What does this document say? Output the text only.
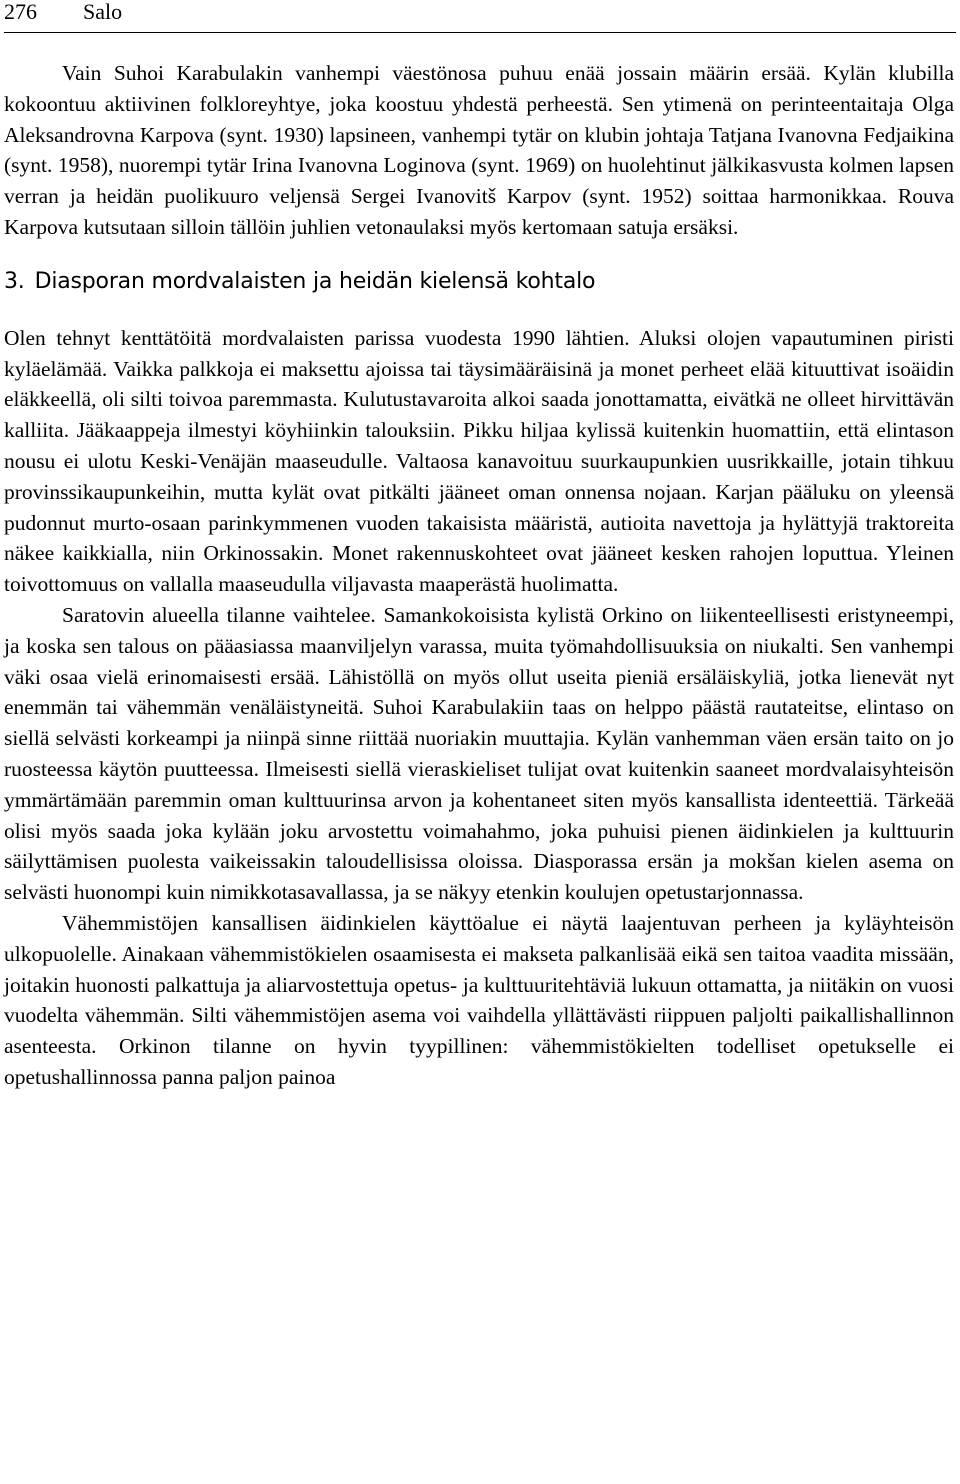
276 Salo

Vain Suhoi Karabulakin vanhempi väestönosa puhuu enää jossain määrin ersää. Kylän klubilla kokoontuu aktiivinen folkloreyhtye, joka koostuu yhdestä perheestä. Sen ytimenä on perinteentaitaja Olga Aleksandrovna Karpova (synt. 1930) lapsineen, vanhempi tytär on klubin johtaja Tatjana Ivanovna Fedjaikina (synt. 1958), nuorempi tytär Irina Ivanovna Loginova (synt. 1969) on huolehtinut jälkikasvusta kolmen lapsen verran ja heidän puolikuuro veljensä Sergei Ivanovitš Karpov (synt. 1952) soittaa harmonikkaa. Rouva Karpova kutsutaan silloin tällöin juhlien vetonaulaksi myös kertomaan satuja ersäksi.

3. Diasporan mordvalaisten ja heidän kielensä kohtalo

Olen tehnyt kenttätöitä mordvalaisten parissa vuodesta 1990 lähtien. Aluksi olojen vapautuminen piristi kyläelämää. Vaikka palkkoja ei maksettu ajoissa tai täysimääräisinä ja monet perheet elää kituuttivat isoäidin eläkkeellä, oli silti toivoa paremmasta. Kulutustavaroita alkoi saada jonottamatta, eivätkä ne olleet hirvittävän kalliita. Jääkaappeja ilmestyi köyhiinkin talouksiin. Pikku hiljaa kylissä kuitenkin huomattiin, että elintason nousu ei ulotu Keski-Venäjän maaseudulle. Valtaosa kanavoituu suurkaupunkien uusrikkaille, jotain tihkuu provinssikaupunkeihin, mutta kylät ovat pitkälti jääneet oman onnensa nojaan. Karjan pääluku on yleensä pudonnut murto-osaan parinkymmenen vuoden takaisista määristä, autioita navettoja ja hylättyjä traktoreita näkee kaikkialla, niin Orkinossakin. Monet rakennuskohteet ovat jääneet kesken rahojen loputtua. Yleinen toivottomuus on vallalla maaseudulla viljavasta maaperästä huolimatta.

Saratovin alueella tilanne vaihtelee. Samankokoisista kylistä Orkino on liikenteellisesti eristyneempi, ja koska sen talous on pääasiassa maanviljelyn varassa, muita työmahdollisuuksia on niukalti. Sen vanhempi väki osaa vielä erinomaisesti ersää. Lähistöllä on myös ollut useita pieniä ersäläiskyliä, jotka lienevät nyt enemmän tai vähemmän venäläistyneitä. Suhoi Karabulakiin taas on helppo päästä rautateitse, elintaso on siellä selvästi korkeampi ja niinpä sinne riittää nuoriakin muuttajia. Kylän vanhemman väen ersän taito on jo ruosteessa käytön puutteessa. Ilmeisesti siellä vieraskieliset tulijat ovat kuitenkin saaneet mordvalaisyhteisön ymmärtämään paremmin oman kulttuurinsa arvon ja kohentaneet siten myös kansallista identeettiä. Tärkeää olisi myös saada joka kylään joku arvostettu voimahahmo, joka puhuisi pienen äidinkielen ja kulttuurin säilyttämisen puolesta vaikeissakin taloudellisissa oloissa. Diasporassa ersän ja mokšan kielen asema on selvästi huonompi kuin nimikkotasavallassa, ja se näkyy etenkin koulujen opetustarjonnassa.

Vähemmistöjen kansallisen äidinkielen käyttöalue ei näytä laajentuvan perheen ja kyläyhteisön ulkopuolelle. Ainakaan vähemmistökielen osaamisesta ei makseta palkanlisää eikä sen taitoa vaadita missään, joitakin huonosti palkattuja ja aliarvostettuja opetus- ja kulttuuritehtäviä lukuun ottamatta, ja niitäkin on vuosi vuodelta vähemmän. Silti vähemmistöjen asema voi vaihdella yllättävästi riippuen paljolti paikallishallinnon asenteesta. Orkinon tilanne on hyvin tyypillinen: vähemmistökielten todelliset opetukselle ei opetushallinnossa panna paljon painoa
